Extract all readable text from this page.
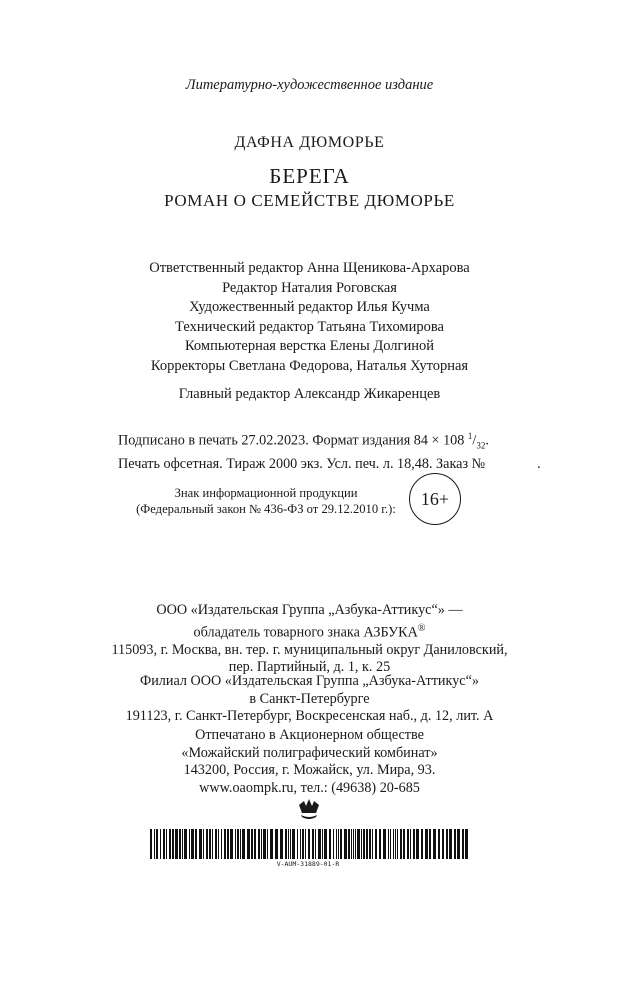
Литературно-художественное издание
ДАФНА ДЮМОРЬЕ
БЕРЕГА
РОМАН О СЕМЕЙСТВЕ ДЮМОРЬЕ
Ответственный редактор Анна Щеникова-Архарова
Редактор Наталия Роговская
Художественный редактор Илья Кучма
Технический редактор Татьяна Тихомирова
Компьютерная верстка Елены Долгиной
Корректоры Светлана Федорова, Наталья Хуторная
Главный редактор Александр Жикаренцев
Подписано в печать 27.02.2023. Формат издания 84 × 108 $^1/_{32}$.
Печать офсетная. Тираж 2000 экз. Усл. печ. л. 18,48. Заказ №	.
Знак информационной продукции
(Федеральный закон № 436-ФЗ от 29.12.2010 г.):
16+
ООО «Издательская Группа „Азбука-Аттикус“» —
обладатель товарного знака АЗБУКА®
115093, г. Москва, вн. тер. г. муниципальный округ Даниловский,
пер. Партийный, д. 1, к. 25
Филиал ООО «Издательская Группа „Азбука-Аттикус“»
в Санкт-Петербурге
191123, г. Санкт-Петербург, Воскресенская наб., д. 12, лит. А
Отпечатано в Акционерном обществе
«Можайский полиграфический комбинат»
143200, Россия, г. Можайск, ул. Мира, 93.
www.oaompk.ru, тел.: (49638) 20-685
V-AUM-31889-01-R
